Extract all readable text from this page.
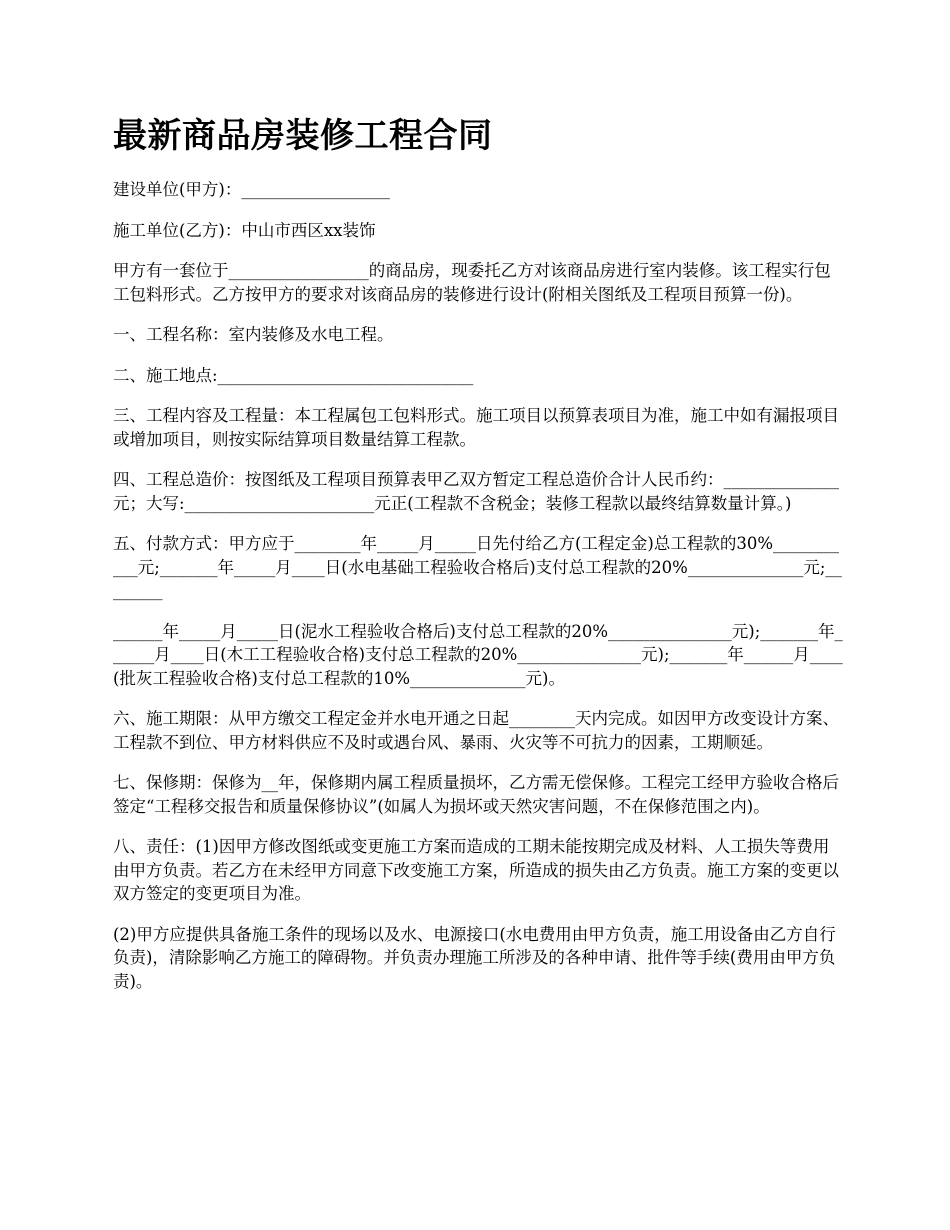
最新商品房装修工程合同

建设单位(甲方)：__________________

施工单位(乙方)：中山市西区xx装饰

甲方有一套位于_________________的商品房，现委托乙方对该商品房进行室内装修。该工程实行包工包料形式。乙方按甲方的要求对该商品房的装修进行设计(附相关图纸及工程项目预算一份)。

一、工程名称：室内装修及水电工程。

二、施工地点:_______________________________

三、工程内容及工程量：本工程属包工包料形式。施工项目以预算表项目为准，施工中如有漏报项目或增加项目，则按实际结算项目数量结算工程款。

四、工程总造价：按图纸及工程项目预算表甲乙双方暂定工程总造价合计人民币约：______________元；大写:_______________________元正(工程款不含税金；装修工程款以最终结算数量计算。)

五、付款方式：甲方应于________年_____月_____日先付给乙方(工程定金)总工程款的30%___________元;_______年_____月____日(水电基础工程验收合格后)支付总工程款的20%______________元;________

______年_____月_____日(泥水工程验收合格后)支付总工程款的20%_______________元);_______年______月____日(木工工程验收合格)支付总工程款的20%_______________元);_______年______月____(批灰工程验收合格)支付总工程款的10%______________元)。

六、施工期限：从甲方缴交工程定金并水电开通之日起________天内完成。如因甲方改变设计方案、工程款不到位、甲方材料供应不及时或遇台风、暴雨、火灾等不可抗力的因素，工期顺延。

七、保修期：保修为__年，保修期内属工程质量损坏，乙方需无偿保修。工程完工经甲方验收合格后签定“工程移交报告和质量保修协议”(如属人为损坏或天然灾害问题，不在保修范围之内)。

八、责任：(1)因甲方修改图纸或变更施工方案而造成的工期未能按期完成及材料、人工损失等费用由甲方负责。若乙方在未经甲方同意下改变施工方案，所造成的损失由乙方负责。施工方案的变更以双方签定的变更项目为准。

(2)甲方应提供具备施工条件的现场以及水、电源接口(水电费用由甲方负责，施工用设备由乙方自行负责)，清除影响乙方施工的障碍物。并负责办理施工所涉及的各种申请、批件等手续(费用由甲方负责)。
